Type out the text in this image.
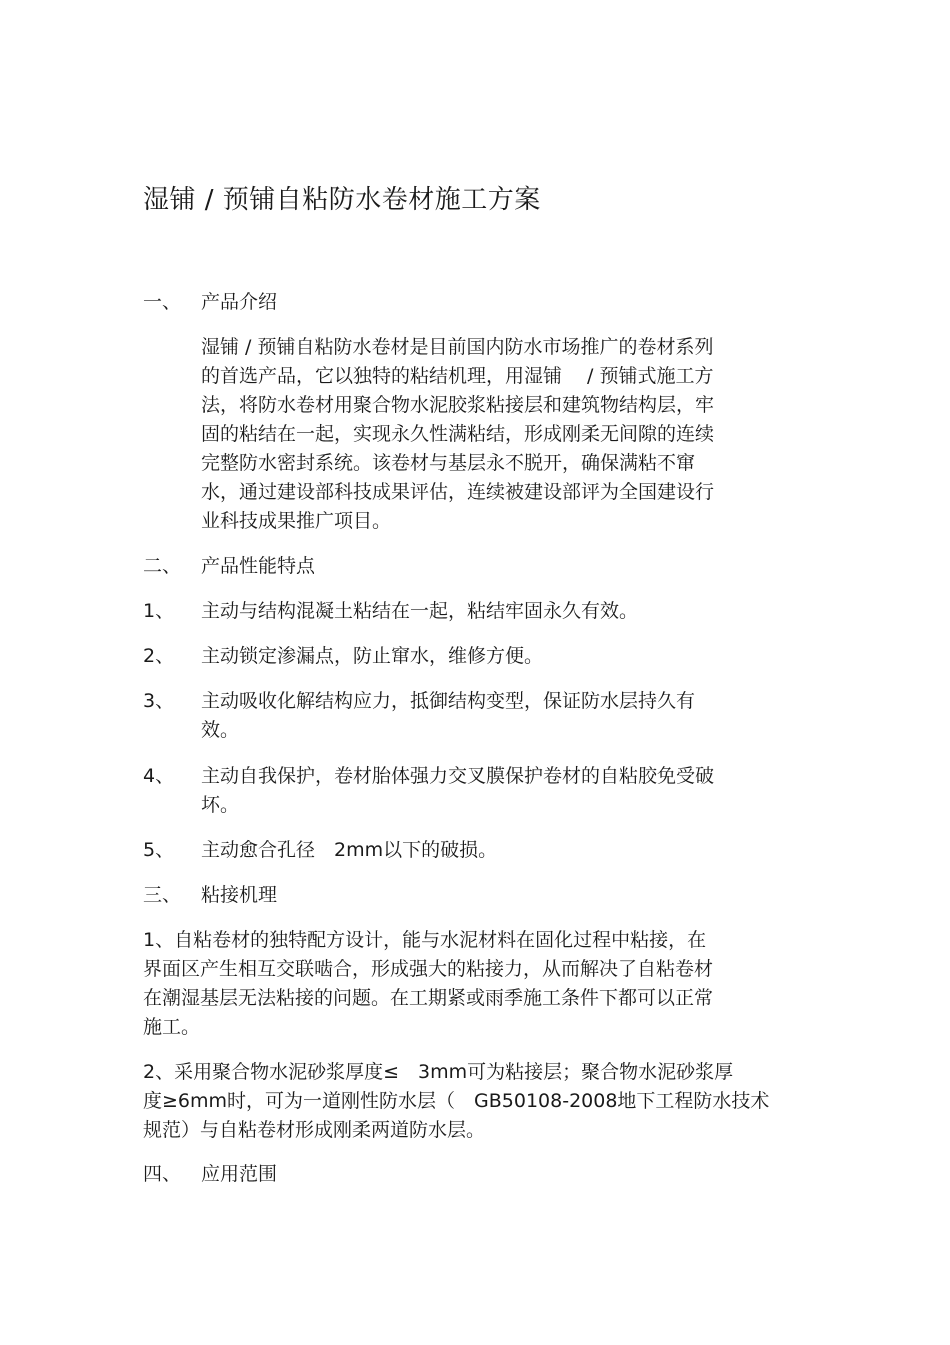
湿铺 / 预铺自粘防水卷材施工方案
一、 产品介绍

湿铺 / 预铺自粘防水卷材是目前国内防水市场推广的卷材系列
的首选产品，它以独特的粘结机理，用湿铺　 / 预铺式施工方
法，将防水卷材用聚合物水泥胶浆粘接层和建筑物结构层，牢
固的粘结在一起，实现永久性满粘结，形成刚柔无间隙的连续
完整防水密封系统。该卷材与基层永不脱开，确保满粘不窜
水，通过建设部科技成果评估，连续被建设部评为全国建设行
业科技成果推广项目。

二、 产品性能特点
1、 主动与结构混凝土粘结在一起，粘结牢固永久有效。
2、 主动锁定渗漏点，防止窜水，维修方便。
3、 主动吸收化解结构应力，抵御结构变型，保证防水层持久有
效。
4、 主动自我保护，卷材胎体强力交叉膜保护卷材的自粘胶免受破
坏。
5、 主动愈合孔径　2mm以下的破损。
三、 粘接机理

1、自粘卷材的独特配方设计，能与水泥材料在固化过程中粘接，在
界面区产生相互交联啮合，形成强大的粘接力，从而解决了自粘卷材
在潮湿基层无法粘接的问题。在工期紧或雨季施工条件下都可以正常
施工。

2、采用聚合物水泥砂浆厚度≤　3mm可为粘接层；聚合物水泥砂浆厚
度≥6mm时，可为一道刚性防水层（　GB50108-2008地下工程防水技术
规范）与自粘卷材形成刚柔两道防水层。

四、 应用范围
